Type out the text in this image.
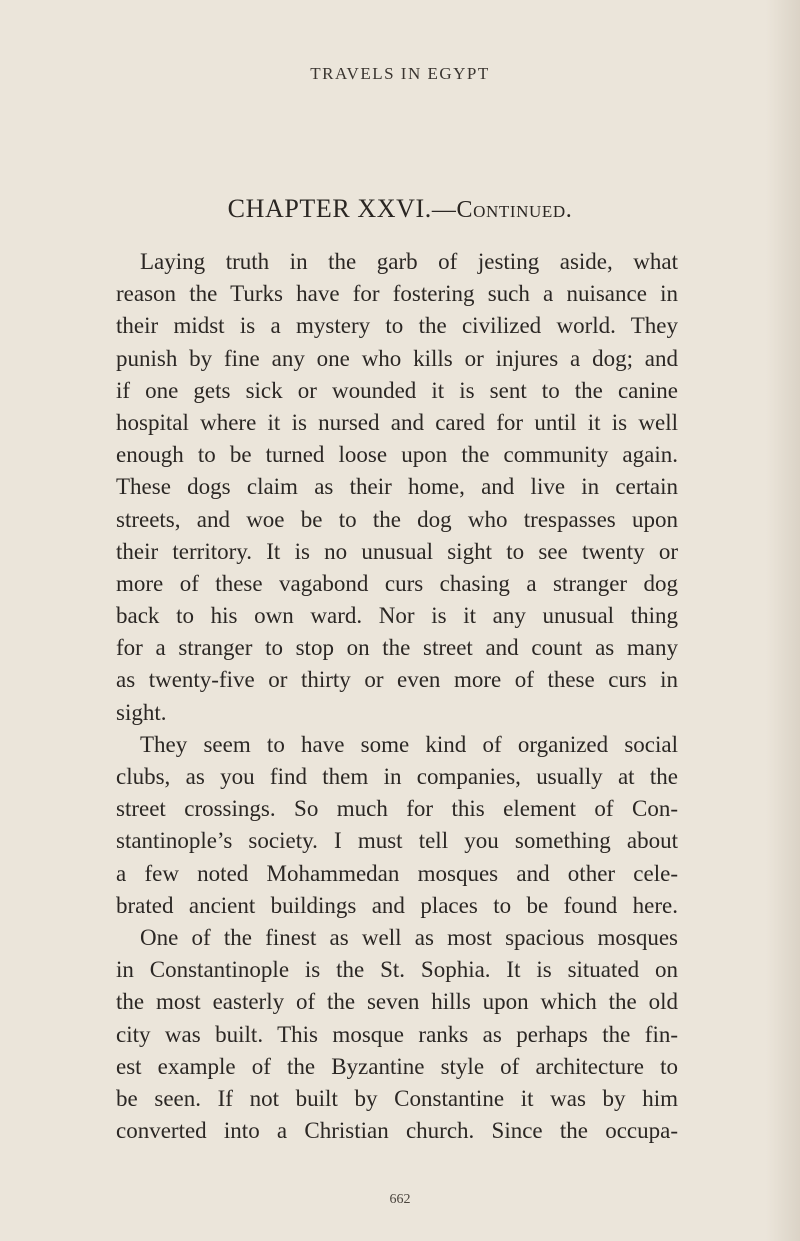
TRAVELS IN EGYPT
CHAPTER XXVI.—Continued.
Laying truth in the garb of jesting aside, what
reason the Turks have for fostering such a nuisance in
their midst is a mystery to the civilized world. They
punish by fine any one who kills or injures a dog; and
if one gets sick or wounded it is sent to the canine
hospital where it is nursed and cared for until it is well
enough to be turned loose upon the community again.
These dogs claim as their home, and live in certain
streets, and woe be to the dog who trespasses upon
their territory. It is no unusual sight to see twenty or
more of these vagabond curs chasing a stranger dog
back to his own ward. Nor is it any unusual thing
for a stranger to stop on the street and count as many
as twenty-five or thirty or even more of these curs in
sight.
They seem to have some kind of organized social
clubs, as you find them in companies, usually at the
street crossings. So much for this element of Con-
stantinople’s society. I must tell you something about
a few noted Mohammedan mosques and other cele-
brated ancient buildings and places to be found here.
One of the finest as well as most spacious mosques
in Constantinople is the St. Sophia. It is situated on
the most easterly of the seven hills upon which the old
city was built. This mosque ranks as perhaps the fin-
est example of the Byzantine style of architecture to
be seen. If not built by Constantine it was by him
converted into a Christian church. Since the occupa-
662
